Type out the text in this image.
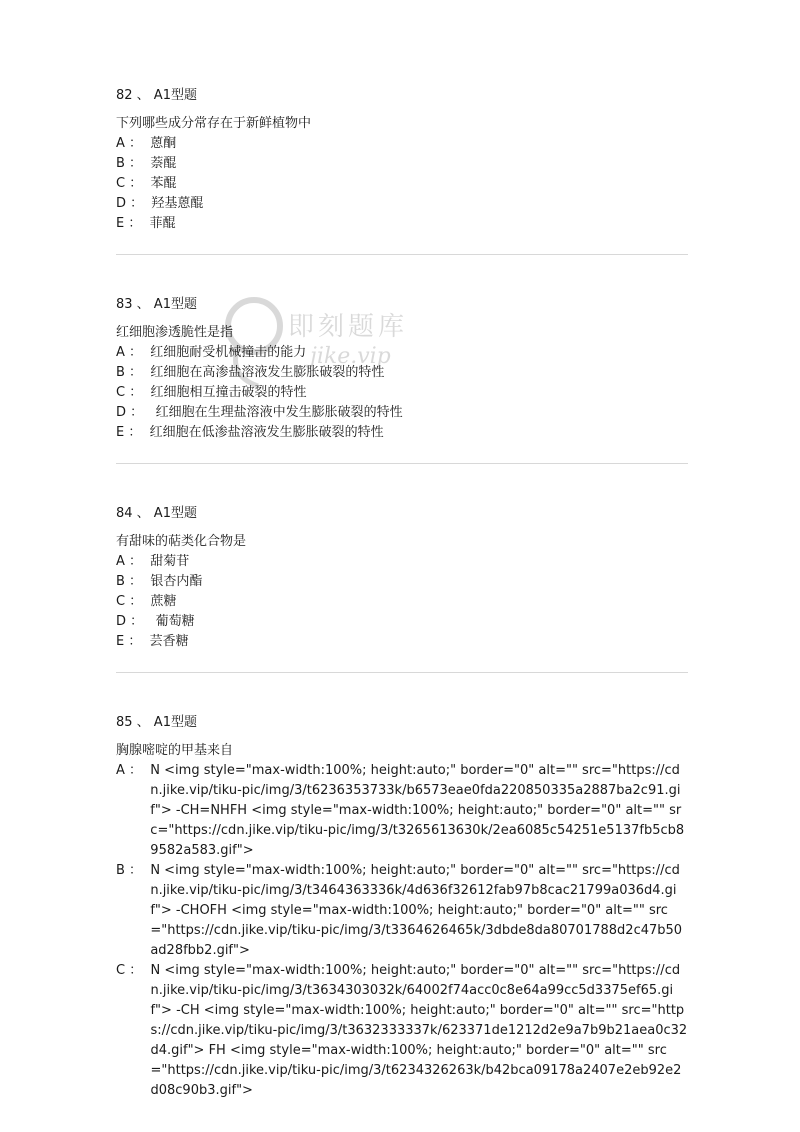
即刻题库
jike.vip
82 、 A1型题
下列哪些成分常存在于新鲜植物中
A ： 蒽酮
B ： 萘醌
C ： 苯醌
D ： 羟基蒽醌
E ： 菲醌
83 、 A1型题
红细胞渗透脆性是指
A ： 红细胞耐受机械撞击的能力
B ： 红细胞在高渗盐溶液发生膨胀破裂的特性
C ： 红细胞相互撞击破裂的特性
D ： 红细胞在生理盐溶液中发生膨胀破裂的特性
E ： 红细胞在低渗盐溶液发生膨胀破裂的特性
84 、 A1型题
有甜味的萜类化合物是
A ： 甜菊苷
B ： 银杏内酯
C ： 蔗糖
D ： 葡萄糖
E ： 芸香糖
85 、 A1型题
胸腺嘧啶的甲基来自
A ： N <img style="max-width:100%; height:auto;" border="0" alt="" src="https://cdn.jike.vip/tiku-pic/img/3/t6236353733k/b6573eae0fda220850335a2887ba2c91.gif"> -CH=NHFH <img style="max-width:100%; height:auto;" border="0" alt="" src="https://cdn.jike.vip/tiku-pic/img/3/t3265613630k/2ea6085c54251e5137fb5cb89582a583.gif">
B ： N <img style="max-width:100%; height:auto;" border="0" alt="" src="https://cdn.jike.vip/tiku-pic/img/3/t3464363336k/4d636f32612fab97b8cac21799a036d4.gif"> -CHOFH <img style="max-width:100%; height:auto;" border="0" alt="" src="https://cdn.jike.vip/tiku-pic/img/3/t3364626465k/3dbde8da80701788d2c47b50ad28fbb2.gif">
C ： N <img style="max-width:100%; height:auto;" border="0" alt="" src="https://cdn.jike.vip/tiku-pic/img/3/t3634303032k/64002f74acc0c8e64a99cc5d3375ef65.gif"> -CH <img style="max-width:100%; height:auto;" border="0" alt="" src="https://cdn.jike.vip/tiku-pic/img/3/t3632333337k/623371de1212d2e9a7b9b21aea0c32d4.gif"> FH <img style="max-width:100%; height:auto;" border="0" alt="" src="https://cdn.jike.vip/tiku-pic/img/3/t6234326263k/b42bca09178a2407e2eb92e2d08c90b3.gif">
